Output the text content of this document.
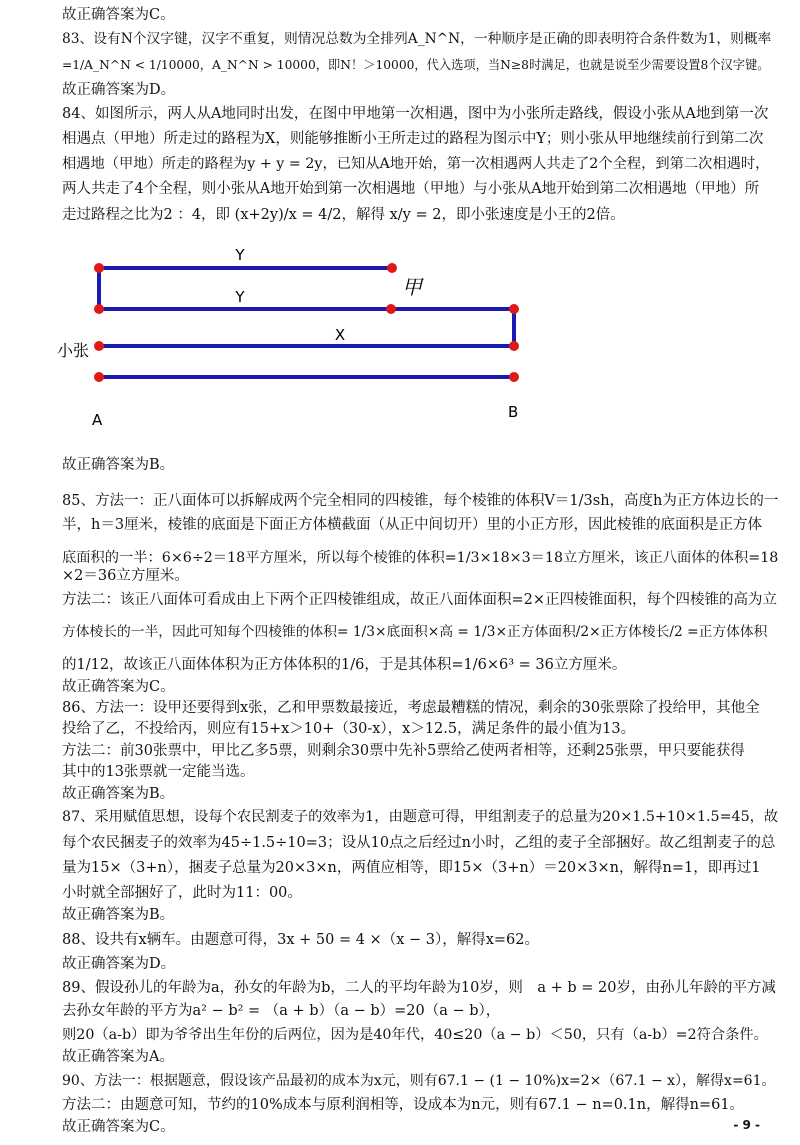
故正确答案为C。
83、设有N个汉字键，汉字不重复，则情况总数为全排列A_N^N，一种顺序是正确的即表明符合条件数为1，则概率
=1/A_N^N < 1/10000，A_N^N > 10000，即N！＞10000，代入选项，当N≥8时满足，也就是说至少需要设置8个汉字键。
故正确答案为D。
84、如图所示，两人从A地同时出发，在图中甲地第一次相遇，图中为小张所走路线，假设小张从A地到第一次
相遇点（甲地）所走过的路程为X，则能够推断小王所走过的路程为图示中Y；则小张从甲地继续前行到第二次
相遇地（甲地）所走的路程为y + y = 2y，已知从A地开始，第一次相遇两人共走了2个全程，到第二次相遇时，
两人共走了4个全程，则小张从A地开始到第一次相遇地（甲地）与小张从A地开始到第二次相遇地（甲地）所
走过路程之比为2 ：4，即 (x+2y)/x = 4/2，解得 x/y = 2，即小张速度是小王的2倍。
Y
Y
X
甲
小张
A	B
故正确答案为B。
85、方法一：正八面体可以拆解成两个完全相同的四棱锥，每个棱锥的体积V＝1/3sh，高度h为正方体边长的一
半，h＝3厘米，棱锥的底面是下面正方体横截面（从正中间切开）里的小正方形，因此棱锥的底面积是正方体
底面积的一半：6×6÷2＝18平方厘米，所以每个棱锥的体积=1/3×18×3＝18立方厘米，该正八面体的体积=18
×2＝36立方厘米。
方法二：该正八面体可看成由上下两个正四棱锥组成，故正八面体面积=2×正四棱锥面积，每个四棱锥的高为立
方体棱长的一半，因此可知每个四棱锥的体积= 1/3×底面积×高 = 1/3×正方体面积/2×正方体棱长/2 =正方体体积
的1/12，故该正八面体体积为正方体体积的1/6，于是其体积=1/6×6³ = 36立方厘米。
故正确答案为C。
86、方法一：设甲还要得到x张，乙和甲票数最接近，考虑最糟糕的情况，剩余的30张票除了投给甲，其他全
投给了乙，不投给丙，则应有15+x＞10+（30-x），x＞12.5，满足条件的最小值为13。
方法二：前30张票中，甲比乙多5票，则剩余30票中先补5票给乙使两者相等，还剩25张票，甲只要能获得
其中的13张票就一定能当选。
故正确答案为B。
87、采用赋值思想，设每个农民割麦子的效率为1，由题意可得，甲组割麦子的总量为20×1.5+10×1.5=45，故
每个农民捆麦子的效率为45÷1.5÷10=3；设从10点之后经过n小时，乙组的麦子全部捆好。故乙组割麦子的总
量为15×（3+n），捆麦子总量为20×3×n，两值应相等，即15×（3+n）＝20×3×n，解得n=1，即再过1
小时就全部捆好了，此时为11：00。
故正确答案为B。
88、设共有x辆车。由题意可得，3x + 50 = 4 ×（x − 3），解得x=62。
故正确答案为D。
89、假设孙儿的年龄为a，孙女的年龄为b，二人的平均年龄为10岁，则　a + b = 20岁，由孙儿年龄的平方减
去孙女年龄的平方为a² − b² = （a + b）（a − b）=20（a − b），
则20（a-b）即为爷爷出生年份的后两位，因为是40年代，40≤20（a − b）＜50，只有（a-b）=2符合条件。
故正确答案为A。
90、方法一：根据题意，假设该产品最初的成本为x元，则有67.1 − (1 − 10%)x=2×（67.1 − x），解得x=61。
方法二：由题意可知，节约的10%成本与原利润相等，设成本为n元，则有67.1 − n=0.1n，解得n=61。
故正确答案为C。	- 9 -
